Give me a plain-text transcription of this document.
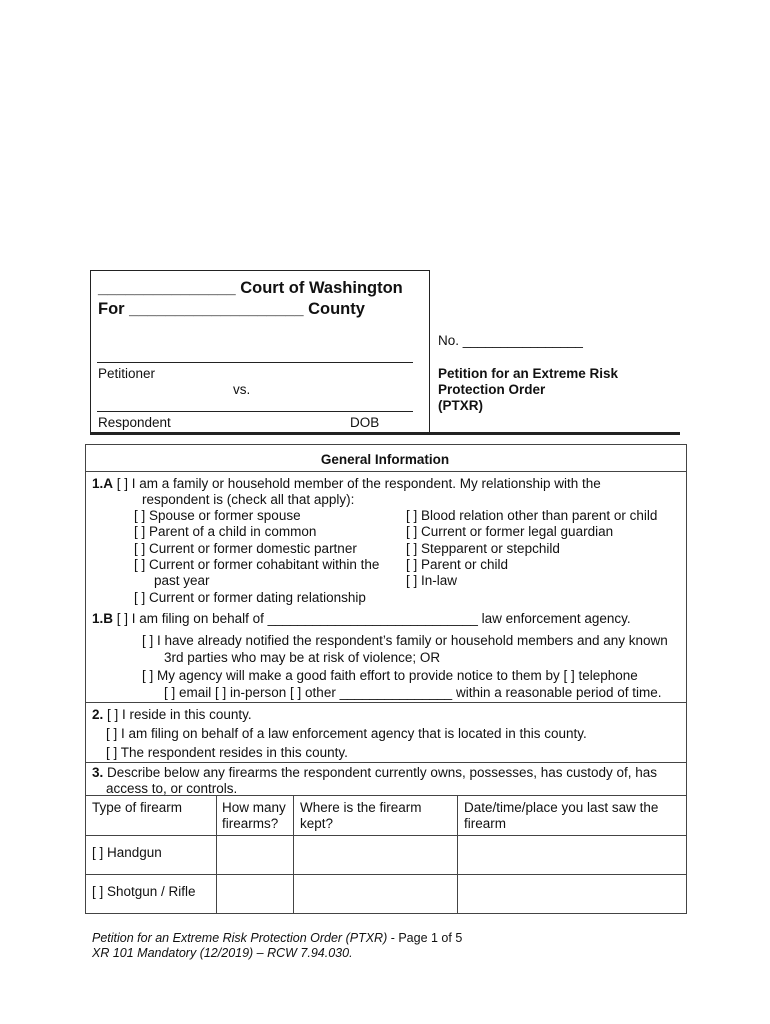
_______________ Court of Washington
For ___________________ County
Petitioner
vs.
Respondent	DOB
No. ________________
Petition for an Extreme Risk
Protection Order
(PTXR)
General Information
1.A [ ] I am a family or household member of the respondent. My relationship with the
respondent is (check all that apply):
[ ] Spouse or former spouse
[ ] Parent of a child in common
[ ] Current or former domestic partner
[ ] Current or former cohabitant within the
past year
[ ] Current or former dating relationship
[ ] Blood relation other than parent or child
[ ] Current or former legal guardian
[ ] Stepparent or stepchild
[ ] Parent or child
[ ] In-law
1.B [ ] I am filing on behalf of ____________________________ law enforcement agency.
[ ] I have already notified the respondent’s family or household members and any known
3rd parties who may be at risk of violence; OR
[ ] My agency will make a good faith effort to provide notice to them by [ ] telephone
[ ] email [ ] in-person [ ] other _______________ within a reasonable period of time.
2. [ ] I reside in this county.
[ ] I am filing on behalf of a law enforcement agency that is located in this county.
[ ] The respondent resides in this county.
3. Describe below any firearms the respondent currently owns, possesses, has custody of, has
access to, or controls.
Type of firearm	How many
firearms?
Where is the firearm
kept?
Date/time/place you last saw the
firearm
[ ] Handgun
[ ] Shotgun / Rifle
Petition for an Extreme Risk Protection Order (PTXR) - Page 1 of 5
XR 101 Mandatory (12/2019) – RCW 7.94.030.
